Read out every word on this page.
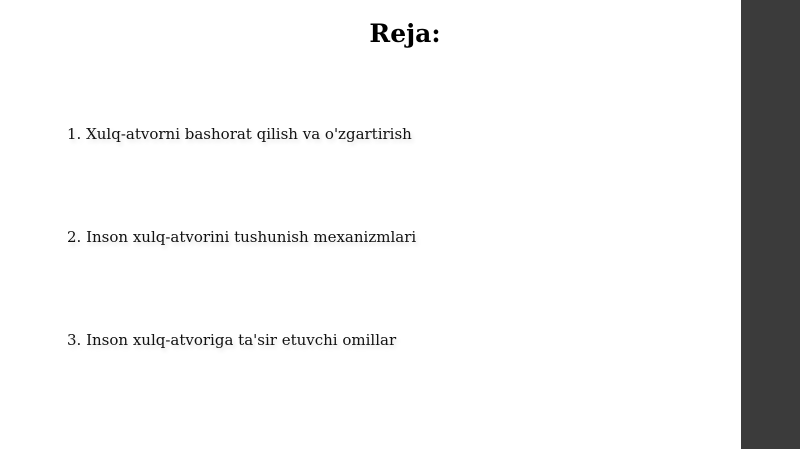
Reja:

1. Xulq-atvorni bashorat qilish va o'zgartirish

2. Inson xulq-atvorini tushunish mexanizmlari

3. Inson xulq-atvoriga ta'sir etuvchi omillar
